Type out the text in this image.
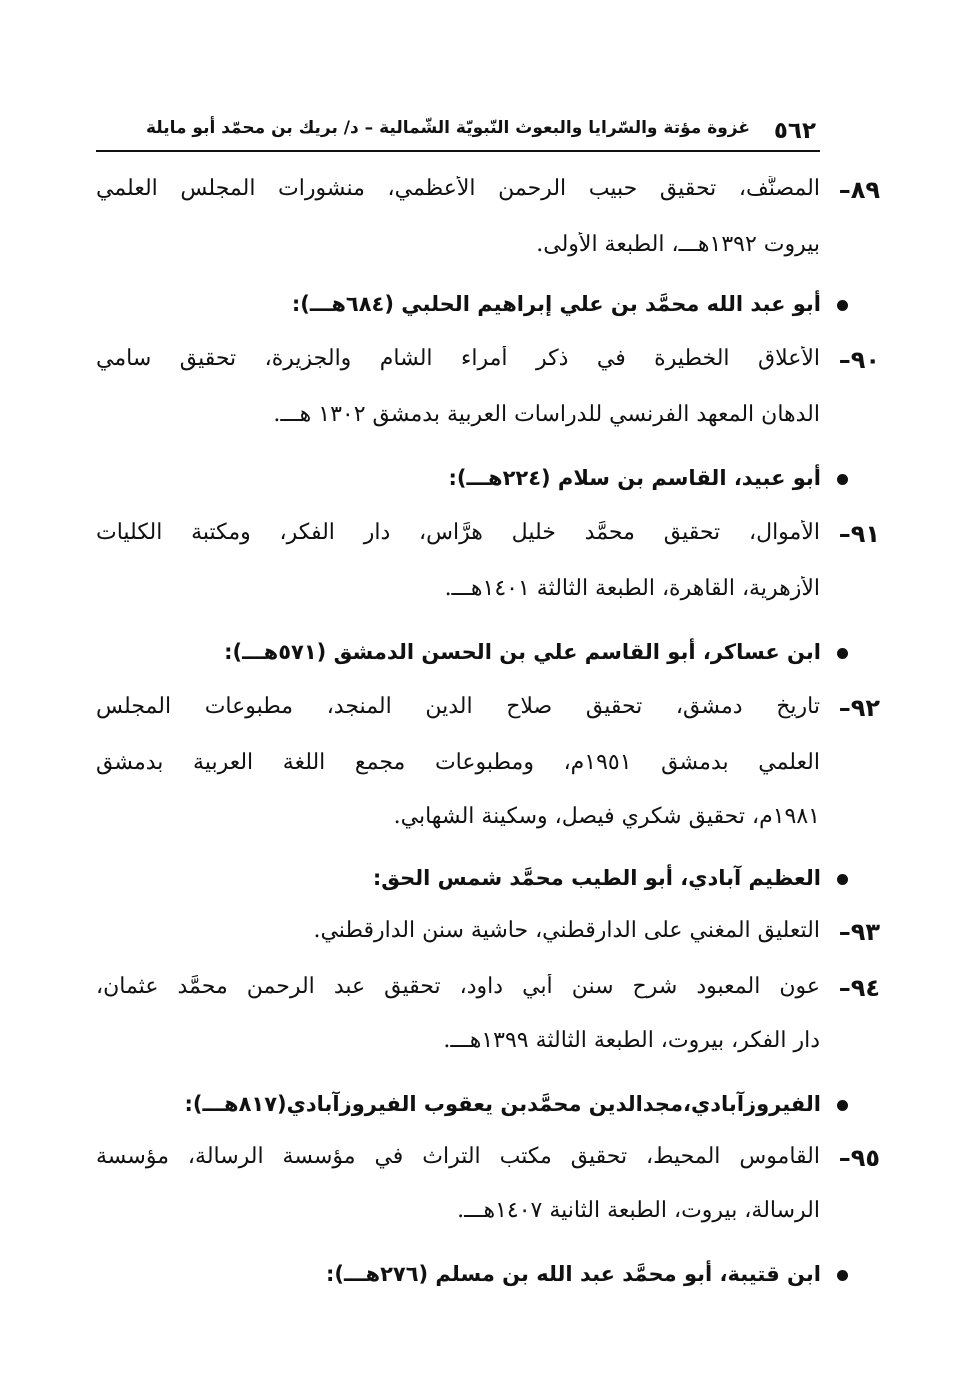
٥٦٢
غزوة مؤتة والسّرايا والبعوث النّبويّة الشّمالية – د/ بريك بن محمّد أبو مايلة
٨٩–
المصنَّف، تحقيق حبيب الرحمن الأعظمي، منشورات المجلس العلمي
بيروت ١٣٩٢هـــ، الطبعة الأولى.
أبو عبد الله محمَّد بن علي إبراهيم الحلبي (٦٨٤هـــ):
٩٠–
الأعلاق الخطيرة في ذكر أمراء الشام والجزيرة، تحقيق سامي
الدهان المعهد الفرنسي للدراسات العربية بدمشق ١٣٠٢ هـــ.
أبو عبيد، القاسم بن سلام (٢٢٤هـــ):
٩١–
الأموال، تحقيق محمَّد خليل هرَّاس، دار الفكر، ومكتبة الكليات
الأزهرية، القاهرة، الطبعة الثالثة ١٤٠١هـــ.
ابن عساكر، أبو القاسم علي بن الحسن الدمشق (٥٧١هـــ):
٩٢–
تاريخ دمشق، تحقيق صلاح الدين المنجد، مطبوعات المجلس
العلمي بدمشق ١٩٥١م، ومطبوعات مجمع اللغة العربية بدمشق
١٩٨١م، تحقيق شكري فيصل، وسكينة الشهابي.
العظيم آبادي، أبو الطيب محمَّد شمس الحق:
٩٣–
التعليق المغني على الدارقطني، حاشية سنن الدارقطني.
٩٤–
عون المعبود شرح سنن أبي داود، تحقيق عبد الرحمن محمَّد عثمان،
دار الفكر، بيروت، الطبعة الثالثة ١٣٩٩هـــ.
الفيروزآبادي،مجدالدين محمَّدبن يعقوب الفيروزآبادي(٨١٧هـــ):
٩٥–
القاموس المحيط، تحقيق مكتب التراث في مؤسسة الرسالة، مؤسسة
الرسالة، بيروت، الطبعة الثانية ١٤٠٧هـــ.
ابن قتيبة، أبو محمَّد عبد الله بن مسلم (٢٧٦هـــ):
